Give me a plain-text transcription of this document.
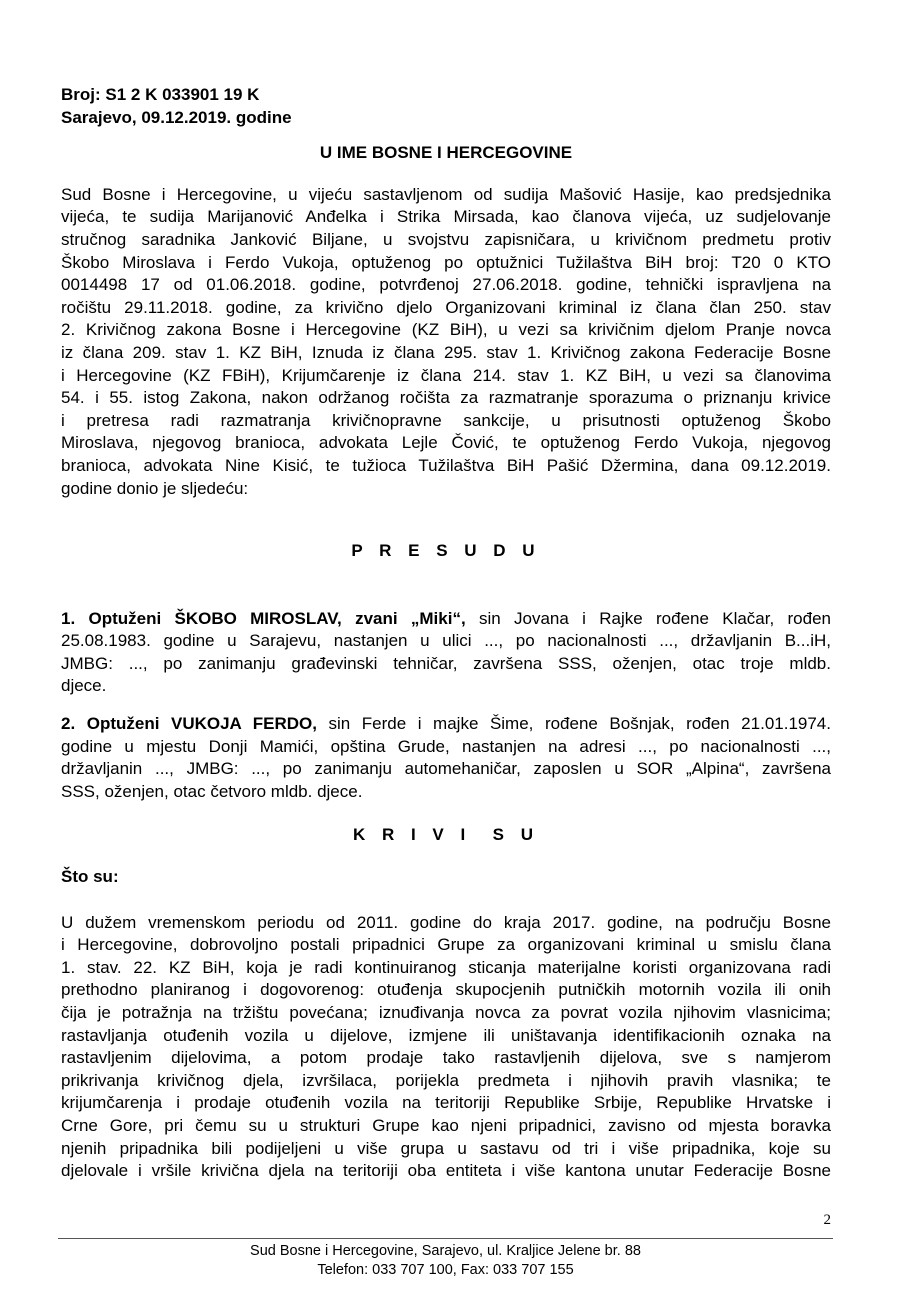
Broj: S1 2 K 033901 19 K
Sarajevo, 09.12.2019. godine
U IME BOSNE I HERCEGOVINE
Sud Bosne i Hercegovine, u vijeću sastavljenom od sudija Mašović Hasije, kao predsjednika
vijeća, te sudija Marijanović Anđelka i Strika Mirsada, kao članova vijeća, uz sudjelovanje
stručnog saradnika Janković Biljane, u svojstvu zapisničara, u krivičnom predmetu protiv
Škobo Miroslava i Ferdo Vukoja, optuženog po optužnici Tužilaštva BiH broj: T20 0 KTO
0014498 17 od 01.06.2018. godine, potvrđenoj 27.06.2018. godine, tehnički ispravljena na
ročištu 29.11.2018. godine, za krivično djelo Organizovani kriminal iz člana član 250. stav
2. Krivičnog zakona Bosne i Hercegovine (KZ BiH), u vezi sa krivičnim djelom Pranje novca
iz člana 209. stav 1. KZ BiH, Iznuda iz člana 295. stav 1. Krivičnog zakona Federacije Bosne
i Hercegovine (KZ FBiH), Krijumčarenje iz člana 214. stav 1. KZ BiH, u vezi sa članovima
54. i 55. istog Zakona, nakon održanog ročišta za razmatranje sporazuma o priznanju krivice
i pretresa radi razmatranja krivičnopravne sankcije, u prisutnosti optuženog Škobo
Miroslava, njegovog branioca, advokata Lejle Čović, te optuženog Ferdo Vukoja, njegovog
branioca, advokata Nine Kisić, te tužioca Tužilaštva BiH Pašić Džermina, dana 09.12.2019.
godine donio je sljedeću:
P R E S U D U
1. Optuženi ŠKOBO MIROSLAV, zvani „Miki“, sin Jovana i Rajke rođene Klačar, rođen
25.08.1983. godine u Sarajevu, nastanjen u ulici ..., po nacionalnosti ..., državljanin B...iH,
JMBG: ..., po zanimanju građevinski tehničar, završena SSS, oženjen, otac troje mldb.
djece.
2. Optuženi VUKOJA FERDO, sin Ferde i majke Šime, rođene Bošnjak, rođen 21.01.1974.
godine u mjestu Donji Mamići, opština Grude, nastanjen na adresi ..., po nacionalnosti ...,
državljanin ..., JMBG: ..., po zanimanju automehaničar, zaposlen u SOR „Alpina“, završena
SSS, oženjen, otac četvoro mldb. djece.
K R I V I  S U
Što su:
U dužem vremenskom periodu od 2011. godine do kraja 2017. godine, na području Bosne
i Hercegovine, dobrovoljno postali pripadnici Grupe za organizovani kriminal u smislu člana
1. stav. 22. KZ BiH, koja je radi kontinuiranog sticanja materijalne koristi organizovana radi
prethodno planiranog i dogovorenog: otuđenja skupocjenih putničkih motornih vozila ili onih
čija je potražnja na tržištu povećana; iznuđivanja novca za povrat vozila njihovim vlasnicima;
rastavljanja otuđenih vozila u dijelove, izmjene ili uništavanja identifikacionih oznaka na
rastavljenim dijelovima, a potom prodaje tako rastavljenih dijelova, sve s namjerom
prikrivanja krivičnog djela, izvršilaca, porijekla predmeta i njihovih pravih vlasnika; te
krijumčarenja i prodaje otuđenih vozila na teritoriji Republike Srbije, Republike Hrvatske i
Crne Gore, pri čemu su u strukturi Grupe kao njeni pripadnici, zavisno od mjesta boravka
njenih pripadnika bili podijeljeni u više grupa u sastavu od tri i više pripadnika, koje su
djelovale i vršile krivična djela na teritoriji oba entiteta i više kantona unutar Federacije Bosne
2
Sud Bosne i Hercegovine, Sarajevo, ul. Kraljice Jelene br. 88
Telefon: 033 707 100, Fax: 033 707 155
